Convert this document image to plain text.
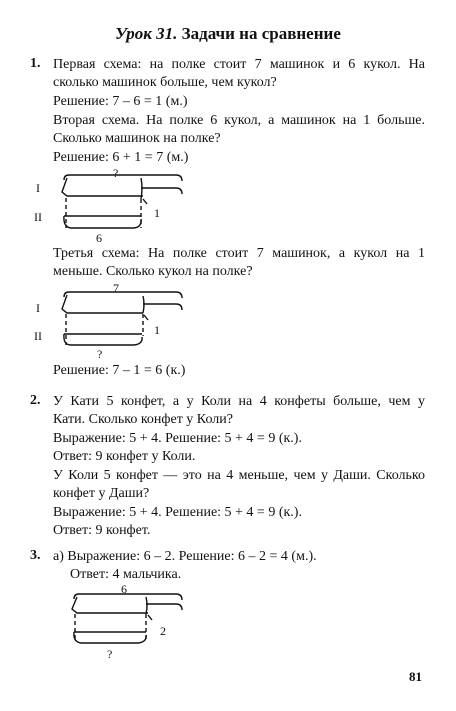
Урок 31. Задачи на сравнение
1. Первая схема: на полке стоит 7 машинок и 6 кукол. На
сколько машинок больше, чем кукол?
Решение: 7 – 6 = 1 (м.)
Вторая схема. На полке 6 кукол, а машинок на 1 больше.
Сколько машинок на полке?
Решение: 6 + 1 = 7 (м.)
?
I
II	1
6
Третья схема: На полке стоит 7 машинок, а кукол на 1
меньше. Сколько кукол на полке?
7
I
II	1
?
Решение: 7 – 1 = 6 (к.)
2. У Кати 5 конфет, а у Коли на 4 конфеты больше, чем у
Кати. Сколько конфет у Коли?
Выражение: 5 + 4. Решение: 5 + 4 = 9 (к.).
Ответ: 9 конфет у Коли.
У Коли 5 конфет — это на 4 меньше, чем у Даши. Сколько
конфет у Даши?
Выражение: 5 + 4. Решение: 5 + 4 = 9 (к.).
Ответ: 9 конфет.
3. а) Выражение: 6 – 2. Решение: 6 – 2 = 4 (м.).
Ответ: 4 мальчика.
6
2
?
81
